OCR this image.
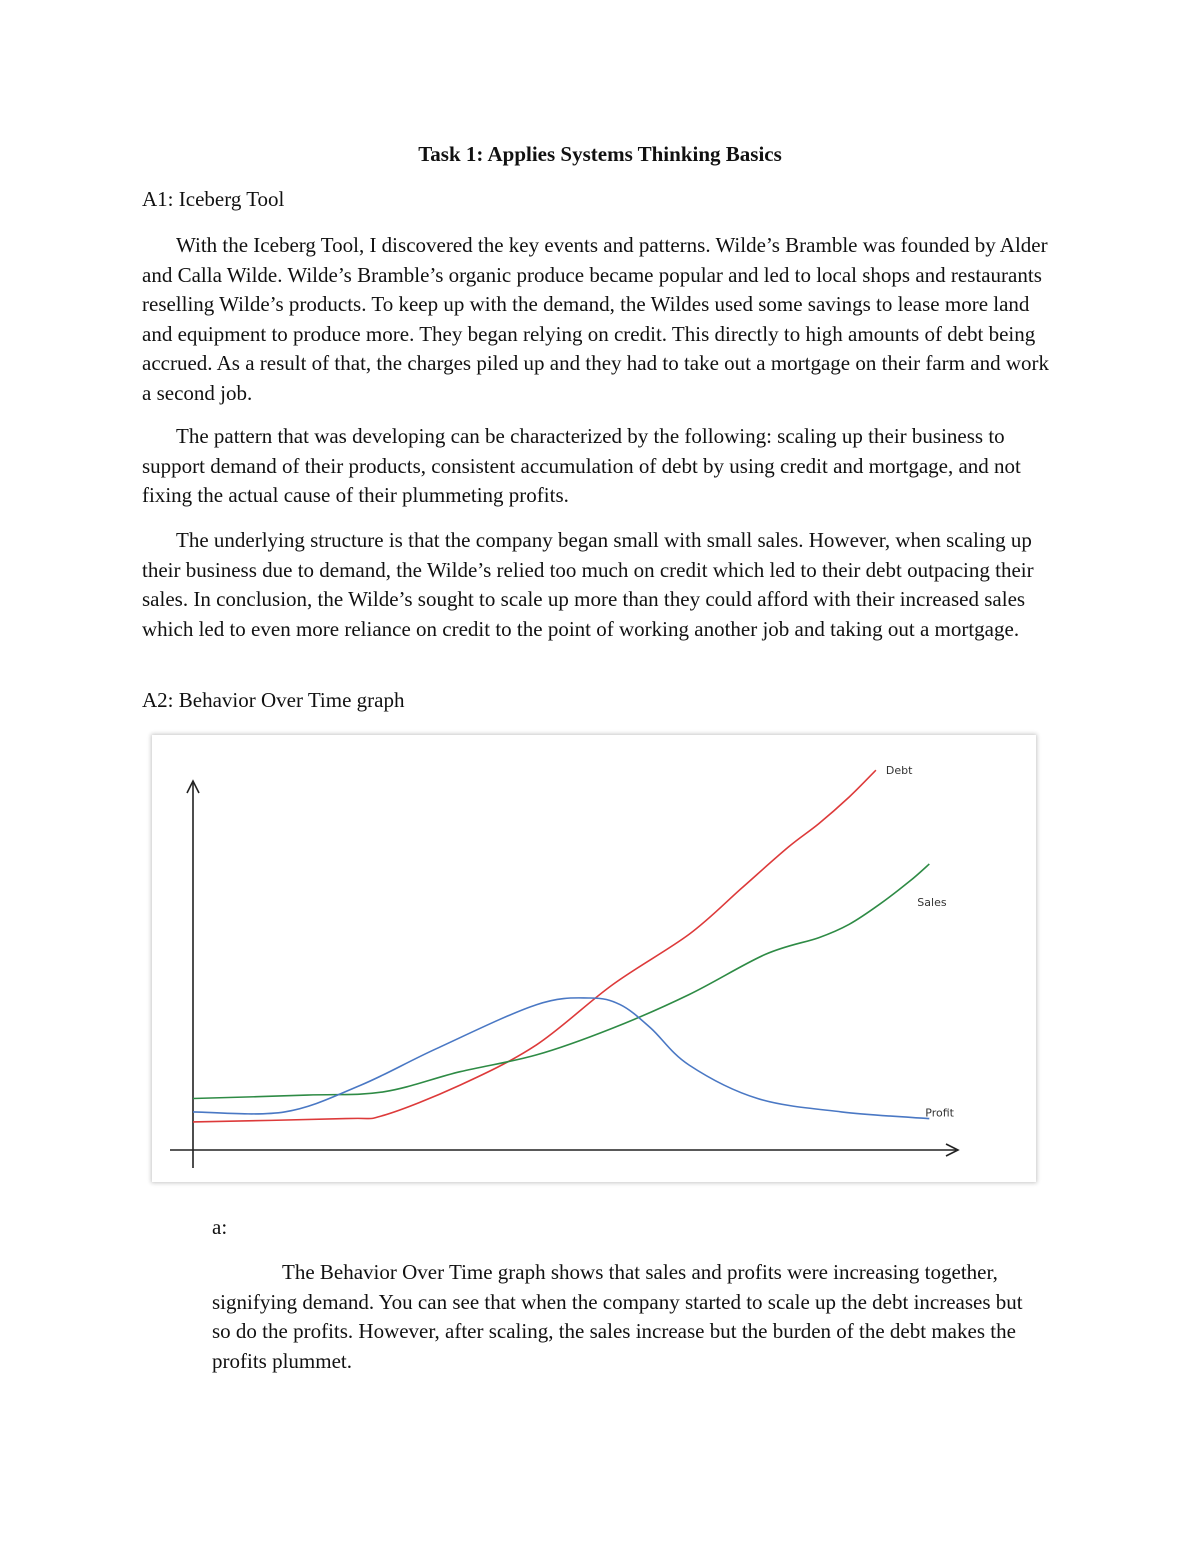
Task 1: Applies Systems Thinking Basics
A1: Iceberg Tool

With the Iceberg Tool, I discovered the key events and patterns. Wilde’s Bramble was founded by Alder and Calla Wilde. Wilde’s Bramble’s organic produce became popular and led to local shops and restaurants reselling Wilde’s products. To keep up with the demand, the Wildes used some savings to lease more land and equipment to produce more. They began relying on credit. This directly to high amounts of debt being accrued. As a result of that, the charges piled up and they had to take out a mortgage on their farm and work a second job.

The pattern that was developing can be characterized by the following: scaling up their business to support demand of their products, consistent accumulation of debt by using credit and mortgage, and not fixing the actual cause of their plummeting profits.

The underlying structure is that the company began small with small sales. However, when scaling up their business due to demand, the Wilde’s relied too much on credit which led to their debt outpacing their sales. In conclusion, the Wilde’s sought to scale up more than they could afford with their increased sales which led to even more reliance on credit to the point of working another job and taking out a mortgage.

A2: Behavior Over Time graph
Debt
Sales
Profit

a:

The Behavior Over Time graph shows that sales and profits were increasing together, signifying demand. You can see that when the company started to scale up the debt increases but so do the profits. However, after scaling, the sales increase but the burden of the debt makes the profits plummet.
